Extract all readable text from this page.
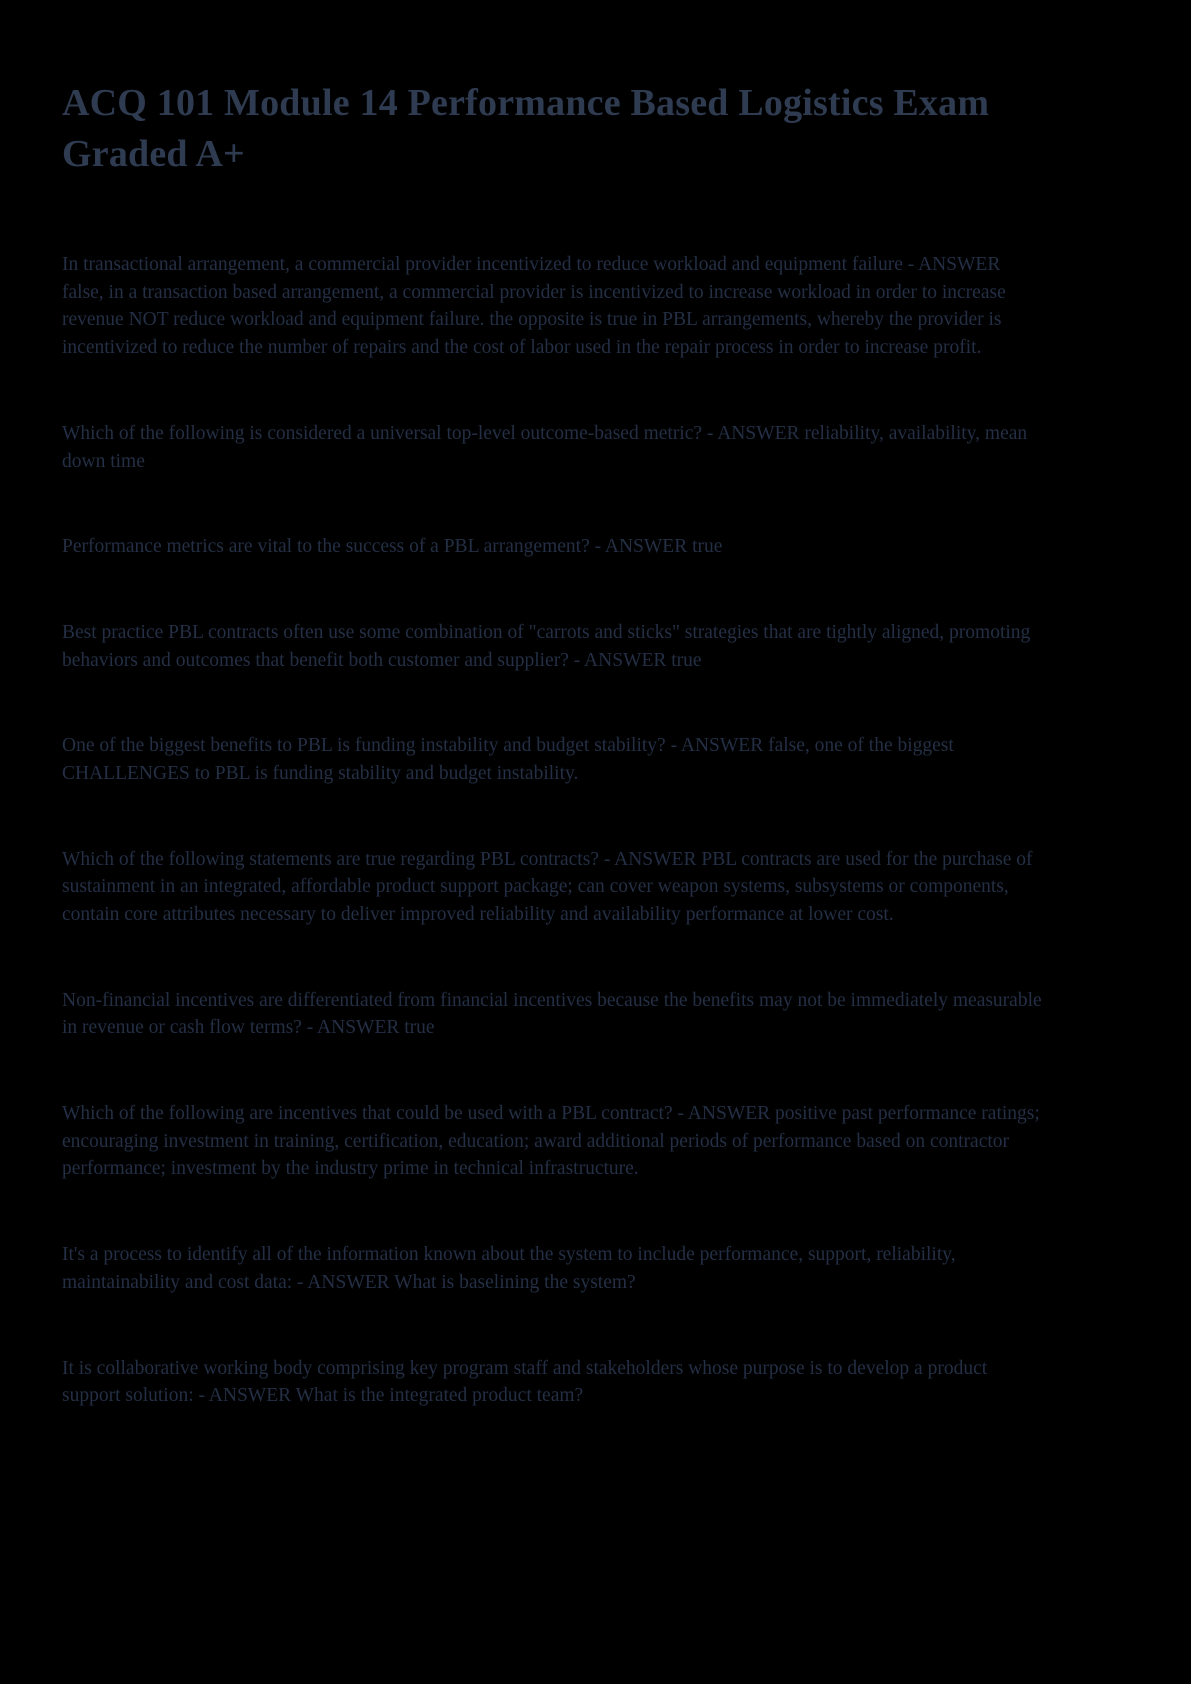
ACQ 101 Module 14 Performance Based Logistics Exam Graded A+

In transactional arrangement, a commercial provider incentivized to reduce workload and equipment failure - ANSWER false, in a transaction based arrangement, a commercial provider is incentivized to increase workload in order to increase revenue NOT reduce workload and equipment failure. the opposite is true in PBL arrangements, whereby the provider is incentivized to reduce the number of repairs and the cost of labor used in the repair process in order to increase profit.

Which of the following is considered a universal top-level outcome-based metric? - ANSWER reliability, availability, mean down time

Performance metrics are vital to the success of a PBL arrangement? - ANSWER true

Best practice PBL contracts often use some combination of "carrots and sticks" strategies that are tightly aligned, promoting behaviors and outcomes that benefit both customer and supplier? - ANSWER true

One of the biggest benefits to PBL is funding instability and budget stability? - ANSWER false, one of the biggest CHALLENGES to PBL is funding stability and budget instability.

Which of the following statements are true regarding PBL contracts? - ANSWER PBL contracts are used for the purchase of sustainment in an integrated, affordable product support package; can cover weapon systems, subsystems or components, contain core attributes necessary to deliver improved reliability and availability performance at lower cost.

Non-financial incentives are differentiated from financial incentives because the benefits may not be immediately measurable in revenue or cash flow terms? - ANSWER true

Which of the following are incentives that could be used with a PBL contract? - ANSWER positive past performance ratings; encouraging investment in training, certification, education; award additional periods of performance based on contractor performance; investment by the industry prime in technical infrastructure.

It's a process to identify all of the information known about the system to include performance, support, reliability, maintainability and cost data: - ANSWER What is baselining the system?

It is collaborative working body comprising key program staff and stakeholders whose purpose is to develop a product support solution: - ANSWER What is the integrated product team?
